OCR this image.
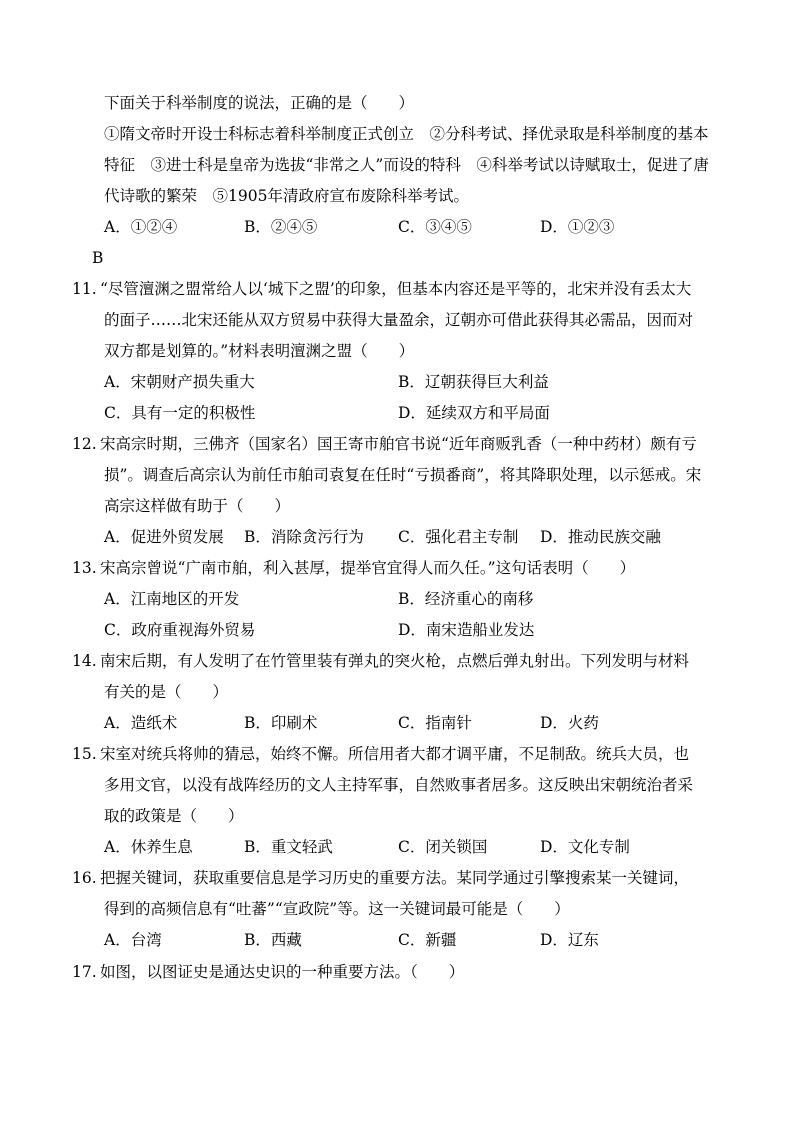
下面关于科举制度的说法，正确的是（　　）
①隋文帝时开设士科标志着科举制度正式创立　②分科考试、择优录取是科举制度的基本
特征　③进士科是皇帝为选拔“非常之人”而设的特科　④科举考试以诗赋取士，促进了唐
代诗歌的繁荣　⑤1905年清政府宣布废除科举考试。
A．①②④	B．②④⑤	C．③④⑤	D．①②③
B
11. “尽管澶渊之盟常给人以‘城下之盟’的印象，但基本内容还是平等的，北宋并没有丢太大
的面子……北宋还能从双方贸易中获得大量盈余，辽朝亦可借此获得其必需品，因而对
双方都是划算的。”材料表明澶渊之盟（　　）
A．宋朝财产损失重大	B．辽朝获得巨大利益
C．具有一定的积极性	D．延续双方和平局面
12. 宋高宗时期，三佛齐（国家名）国王寄市舶官书说“近年商贩乳香（一种中药材）颇有亏
损”。调查后高宗认为前任市舶司袁复在任时“亏损番商”，将其降职处理，以示惩戒。宋
高宗这样做有助于（　　）
A．促进外贸发展 B．消除贪污行为 C．强化君主专制 D．推动民族交融
13. 宋高宗曾说“广南市舶，利入甚厚，提举官宜得人而久任。”这句话表明（　　）
A．江南地区的开发	B．经济重心的南移
C．政府重视海外贸易	D．南宋造船业发达
14. 南宋后期，有人发明了在竹管里装有弹丸的突火枪，点燃后弹丸射出。下列发明与材料
有关的是（　　）
A．造纸术	B．印刷术	C．指南针	D．火药
15. 宋室对统兵将帅的猜忌，始终不懈。所信用者大都才调平庸，不足制敌。统兵大员，也
多用文官，以没有战阵经历的文人主持军事，自然败事者居多。这反映出宋朝统治者采
取的政策是（　　）
A．休养生息	B．重文轻武	C．闭关锁国	D．文化专制
16. 把握关键词，获取重要信息是学习历史的重要方法。某同学通过引擎搜索某一关键词，
得到的高频信息有“吐蕃”“宣政院”等。这一关键词最可能是（　　）
A．台湾	B．西藏	C．新疆	D．辽东
17. 如图，以图证史是通达史识的一种重要方法。（　　）
